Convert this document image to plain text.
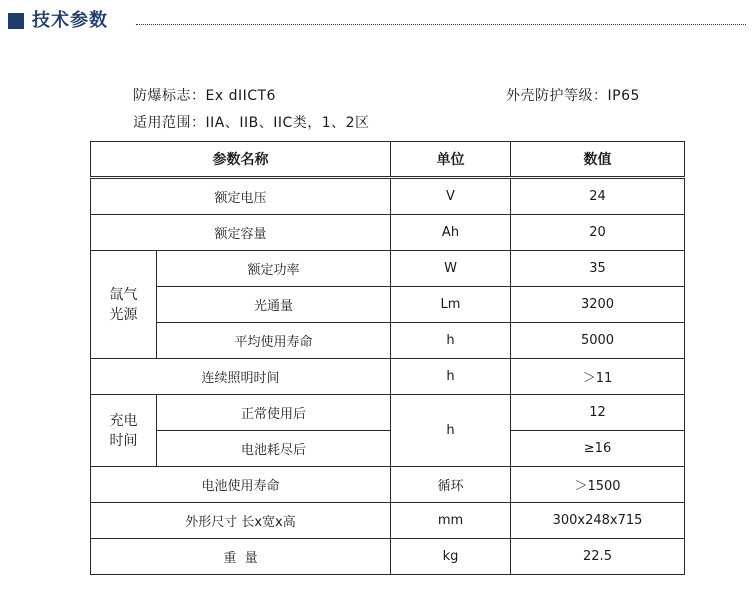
技术参数
防爆标志：Ex dIICT6	外壳防护等级：IP65
适用范围：IIA、IIB、IIC类，1、2区
参数名称		单位	数值
额定电压		V	24
额定容量		Ah	20

氙气
光源	额定功率	W	35
	光通量	Lm	3200
	平均使用寿命	h	5000
连续照明时间		h	＞11

充电
时间	正常使用后	h	12
	电池耗尽后		≥16
电池使用寿命		循环	＞1500
外形尺寸 长x宽x高		mm	300x248x715
重  量		kg	22.5
